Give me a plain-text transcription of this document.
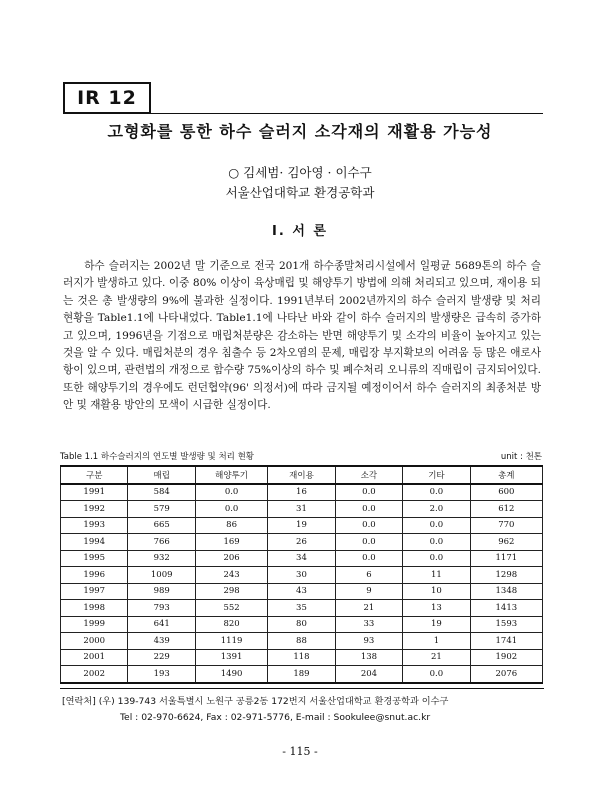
IR 12
고형화를 통한 하수 슬러지 소각재의 재활용 가능성
○ 김세범· 김아영 · 이수구
서울산업대학교 환경공학과
I. 서 론

하수 슬러지는 2002년 말 기준으로 전국 201개 하수종말처리시설에서 일평균 5689톤의 하수 슬러지가 발생하고 있다. 이중 80% 이상이 육상매립 및 해양투기 방법에 의해 처리되고 있으며, 재이용 되는 것은 총 발생량의 9%에 불과한 실정이다. 1991년부터 2002년까지의 하수 슬러지 발생량 및 처리 현황을 Table1.1에 나타내었다. Table1.1에 나타난 바와 같이 하수 슬러지의 발생량은 급속히 증가하고 있으며, 1996년을 기점으로 매립처분량은 감소하는 반면 해양투기 및 소각의 비율이 높아지고 있는 것을 알 수 있다. 매립처분의 경우 침출수 등 2차오염의 문제, 매립장 부지확보의 어려움 등 많은 애로사항이 있으며, 관련법의 개정으로 함수량 75%이상의 하수 및 폐수처리 오니류의 직매립이 금지되어있다. 또한 해양투기의 경우에도 런던협약(96' 의정서)에 따라 금지될 예정이어서 하수 슬러지의 최종처분 방안 및 재활용 방안의 모색이 시급한 실정이다.

Table 1.1 하수슬러지의 연도별 발생량 및 처리 현황	unit : 천톤
구분	매립	해양투기	재이용	소각	기타	총계
1991	584	0.0	16	0.0	0.0	600
1992	579	0.0	31	0.0	2.0	612
1993	665	86	19	0.0	0.0	770
1994	766	169	26	0.0	0.0	962
1995	932	206	34	0.0	0.0	1171
1996	1009	243	30	6	11	1298
1997	989	298	43	9	10	1348
1998	793	552	35	21	13	1413
1999	641	820	80	33	19	1593
2000	439	1119	88	93	1	1741
2001	229	1391	118	138	21	1902
2002	193	1490	189	204	0.0	2076
[연락처] (우) 139-743 서울특별시 노원구 공릉2동 172번지 서울산업대학교 환경공학과 이수구
Tel : 02-970-6624, Fax : 02-971-5776, E-mail : Sookulee@snut.ac.kr
- 115 -
